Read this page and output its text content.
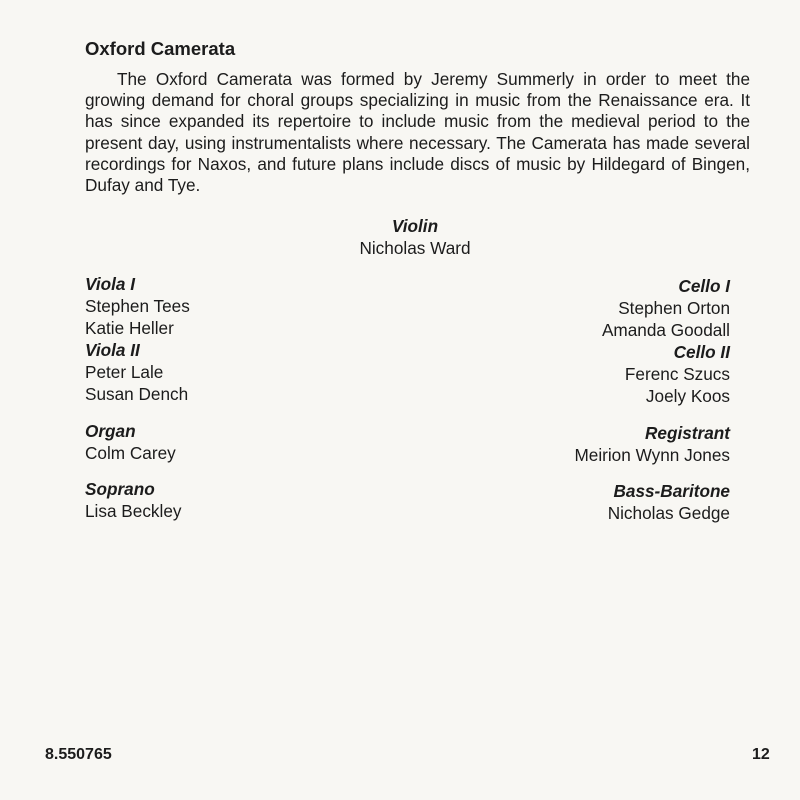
Oxford Camerata

The Oxford Camerata was formed by Jeremy Summerly in order to meet the growing demand for choral groups specializing in music from the Renaissance era. It has since expanded its repertoire to include music from the medieval period to the present day, using instrumentalists where necessary. The Camerata has made several recordings for Naxos, and future plans include discs of music by Hildegard of Bingen, Dufay and Tye.

Violin
Nicholas Ward
Viola I
Stephen Tees
Katie Heller
Viola II
Peter Lale
Susan Dench
Organ
Colm Carey
Soprano
Lisa Beckley
Cello I
Stephen Orton
Amanda Goodall
Cello II
Ferenc Szucs
Joely Koos
Registrant
Meirion Wynn Jones
Bass-Baritone
Nicholas Gedge
8.550765	12
